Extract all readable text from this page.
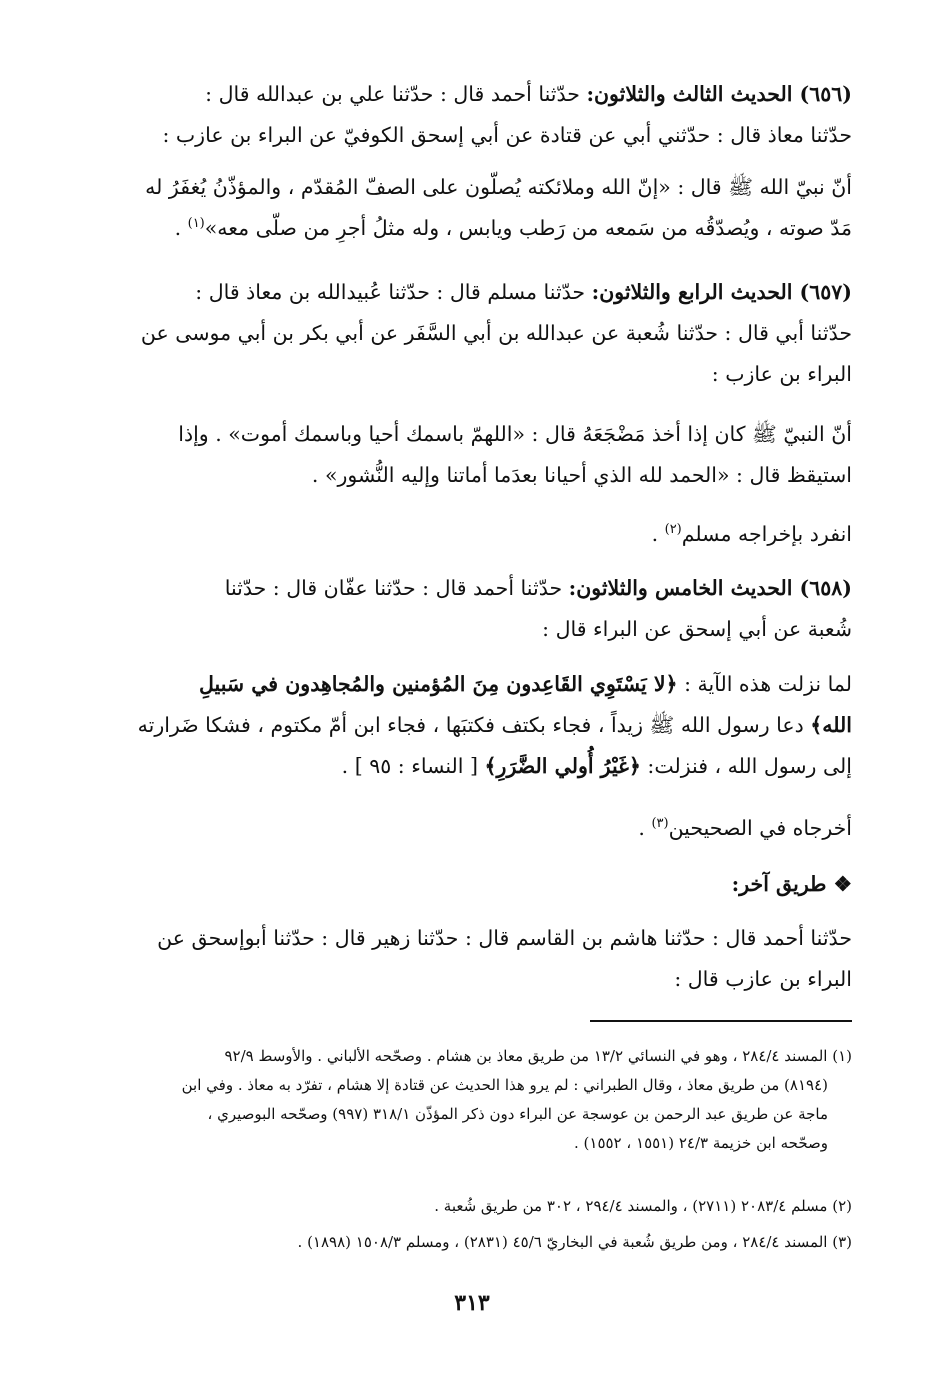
(٦٥٦) الحديث الثالث والثلاثون: حدّثنا أحمد قال : حدّثنا علي بن عبدالله قال :
حدّثنا معاذ قال : حدّثني أبي عن قتادة عن أبي إسحق الكوفيّ عن البراء بن عازب :
أنّ نبيّ الله ﷺ قال : «إنّ الله وملائكته يُصلّون على الصفّ المُقدّم ، والمؤذّنُ يُغفَرُ له
مَدّ صوته ، ويُصدّقُه من سَمعه من رَطب ويابس ، وله مثلُ أجرِ من صلّى معه»$^{(١)}$ .
(٦٥٧) الحديث الرابع والثلاثون: حدّثنا مسلم قال : حدّثنا عُبيدالله بن معاذ قال :
حدّثنا أبي قال : حدّثنا شُعبة عن عبدالله بن أبي السَّفَر عن أبي بكر بن أبي موسى عن
البراء بن عازب :
أنّ النبيّ ﷺ كان إذا أخذ مَضْجَعَهُ قال : «اللهمّ باسمك أحيا وباسمك أموت» . وإذا
استيقظ قال : «الحمد لله الذي أحيانا بعدَما أماتنا وإليه النُّشور» .
انفرد بإخراجه مسلم$^{(٢)}$ .
(٦٥٨) الحديث الخامس والثلاثون: حدّثنا أحمد قال : حدّثنا عفّان قال : حدّثنا
شُعبة عن أبي إسحق عن البراء قال :
لما نزلت هذه الآية : ﴿لا يَسْتَوِي القَاعِدون مِنَ المُؤمنين والمُجاهِدون في سَبيلِ
الله﴾ دعا رسول الله ﷺ زيداً ، فجاء بكتف فكتبَها ، فجاء ابن أمّ مكتوم ، فشكا ضَرارته
إلى رسول الله ، فنزلت: ﴿غَيْرُ أُولي الضَّرَرِ﴾ [ النساء : ٩٥ ] .
أخرجاه في الصحيحين$^{(٣)}$ .
❖ طريق آخر:
حدّثنا أحمد قال : حدّثنا هاشم بن القاسم قال : حدّثنا زهير قال : حدّثنا أبوإسحق عن
البراء بن عازب قال :
(١) المسند ٢٨٤/٤ ، وهو في النسائي ١٣/٢ من طريق معاذ بن هشام . وصحّحه الألباني . والأوسط ٩٢/٩
(٨١٩٤) من طريق معاذ ، وقال الطبراني : لم يرو هذا الحديث عن قتادة إلا هشام ، تفرّد به معاذ . وفي ابن
ماجة عن طريق عبد الرحمن بن عوسجة عن البراء دون ذكر المؤذّن ٣١٨/١ (٩٩٧) وصحّحه البوصيري ،
وصحّحه ابن خزيمة ٢٤/٣ (١٥٥١ ، ١٥٥٢) .
(٢) مسلم ٢٠٨٣/٤ (٢٧١١) ، والمسند ٢٩٤/٤ ، ٣٠٢ من طريق شُعبة .
(٣) المسند ٢٨٤/٤ ، ومن طريق شُعبة في البخاريّ ٤٥/٦ (٢٨٣١) ، ومسلم ١٥٠٨/٣ (١٨٩٨) .
٣١٣
